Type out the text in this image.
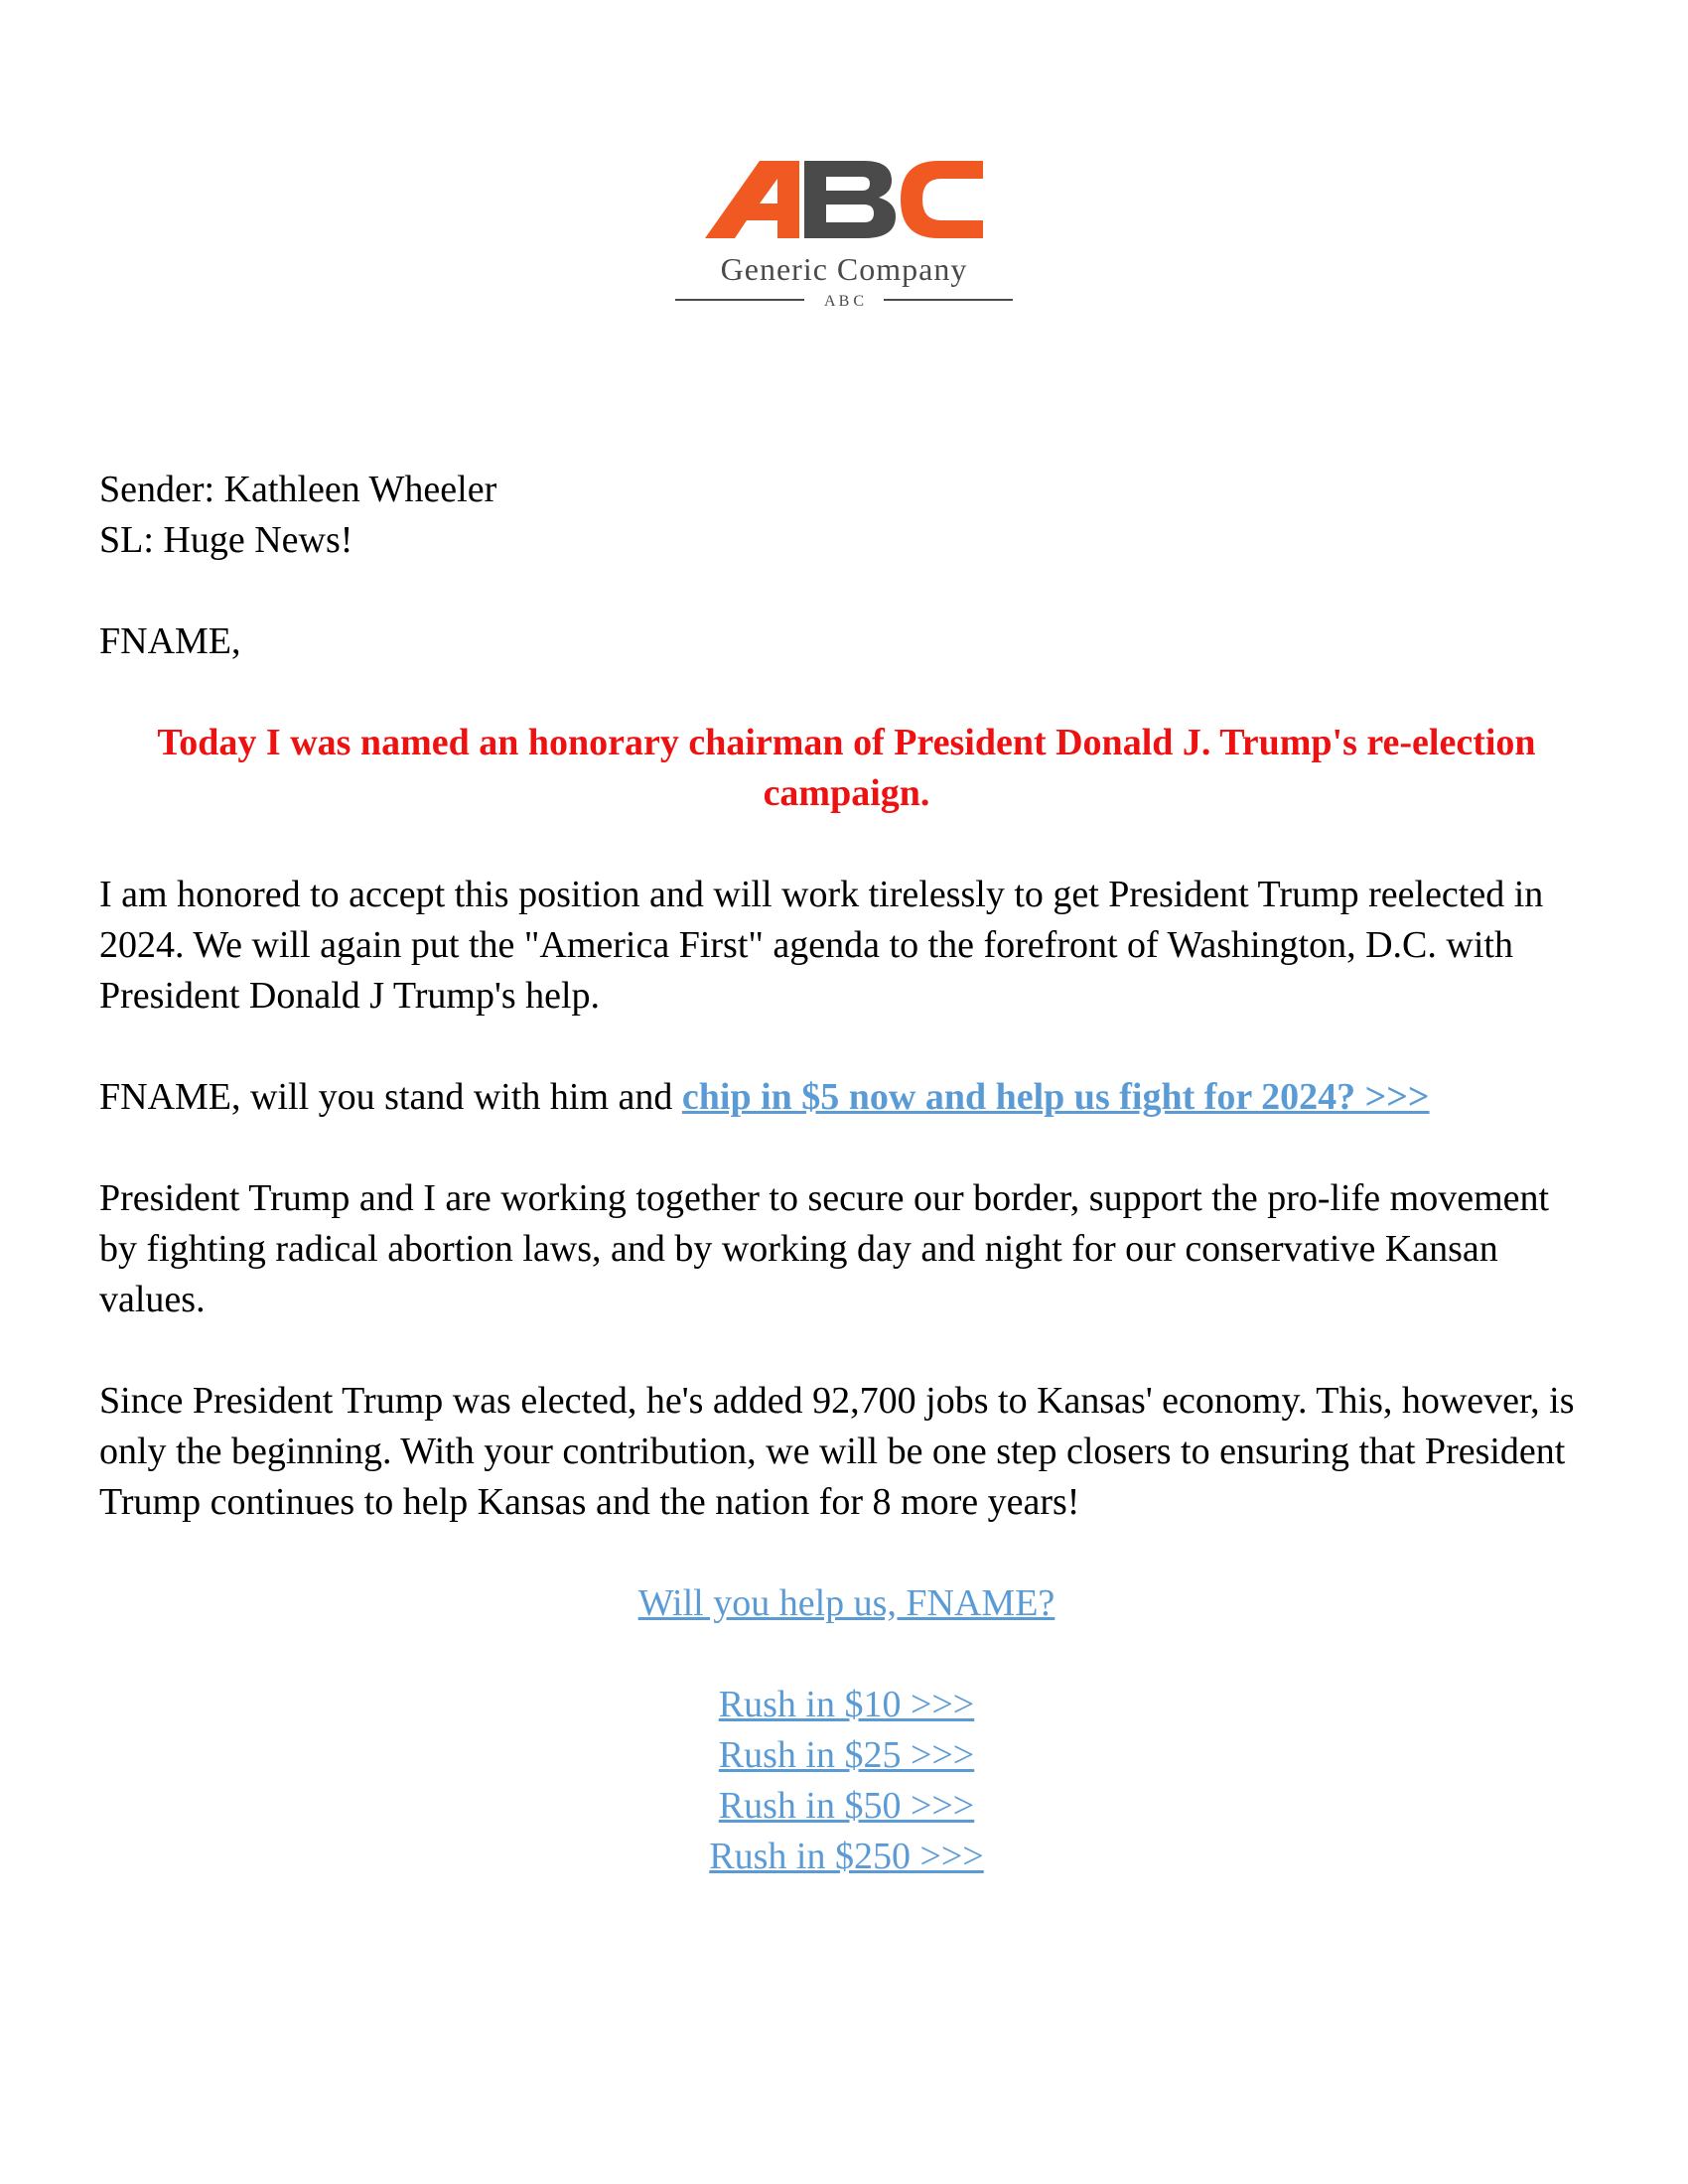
Generic Company
A B C

Sender: Kathleen Wheeler

SL: Huge News!

FNAME,

Today I was named an honorary chairman of President Donald J. Trump's re-election campaign.

I am honored to accept this position and will work tirelessly to get President Trump reelected in 2024. We will again put the "America First" agenda to the forefront of Washington, D.C. with President Donald J Trump's help.

FNAME, will you stand with him and chip in $5 now and help us fight for 2024? >>>

President Trump and I are working together to secure our border, support the pro-life movement by fighting radical abortion laws, and by working day and night for our conservative Kansan values.

Since President Trump was elected, he's added 92,700 jobs to Kansas' economy. This, however, is only the beginning. With your contribution, we will be one step closers to ensuring that President Trump continues to help Kansas and the nation for 8 more years!

Will you help us, FNAME?

Rush in $10 >>>

Rush in $25 >>>

Rush in $50 >>>

Rush in $250 >>>
